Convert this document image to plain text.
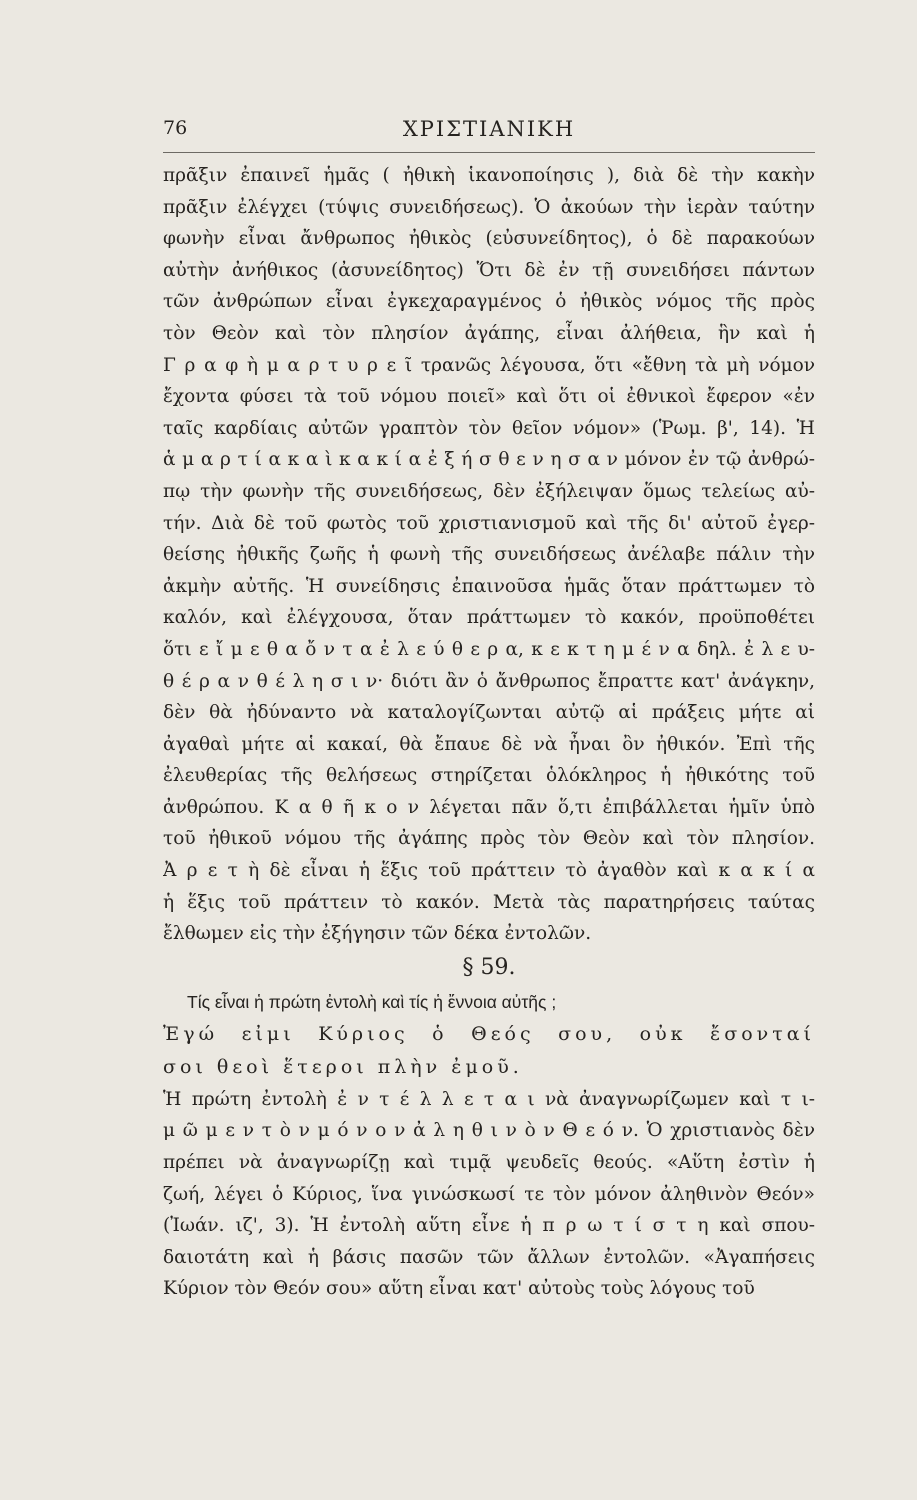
76	ΧΡΙΣΤΙΑΝΙΚΗ
πρᾶξιν ἐπαινεῖ ἡμᾶς ( ἠθικὴ ἱκανοποίησις ), διὰ δὲ τὴν κακὴν
πρᾶξιν ἐλέγχει (τύψις συνειδήσεως). Ὁ ἀκούων τὴν ἱερὰν ταύτην
φωνὴν εἶναι ἄνθρωπος ἠθικὸς (εὐσυνείδητος), ὁ δὲ παρακούων
αὐτὴν ἀνήθικος (ἀσυνείδητος) Ὅτι δὲ ἐν τῇ συνειδήσει πάντων
τῶν ἀνθρώπων εἶναι ἐγκεχαραγμένος ὁ ἠθικὸς νόμος τῆς πρὸς
τὸν Θεὸν καὶ τὸν πλησίον ἀγάπης, εἶναι ἀλήθεια, ἣν καὶ ἡ
Γ ρ α φ ὴ μ α ρ τ υ ρ ε ῖ τρανῶς λέγουσα, ὅτι «ἔθνη τὰ μὴ νόμον
ἔχοντα φύσει τὰ τοῦ νόμου ποιεῖ» καὶ ὅτι οἱ ἐθνικοὶ ἔφερον «ἐν
ταῖς καρδίαις αὐτῶν γραπτὸν τὸν θεῖον νόμον» (Ῥωμ. β', 14). Ἡ
ἁ μ α ρ τ ί α κ α ὶ κ α κ ί α ἐ ξ ή σ θ ε ν η σ α ν μόνον ἐν τῷ ἀνθρώ-
πῳ τὴν φωνὴν τῆς συνειδήσεως, δὲν ἐξήλειψαν ὅμως τελείως αὐ-
τήν. Διὰ δὲ τοῦ φωτὸς τοῦ χριστιανισμοῦ καὶ τῆς δι' αὐτοῦ ἐγερ-
θείσης ἠθικῆς ζωῆς ἡ φωνὴ τῆς συνειδήσεως ἀνέλαβε πάλιν τὴν
ἀκμὴν αὐτῆς. Ἡ συνείδησις ἐπαινοῦσα ἡμᾶς ὅταν πράττωμεν τὸ
καλόν, καὶ ἐλέγχουσα, ὅταν πράττωμεν τὸ κακόν, προϋποθέτει
ὅτι ε ἴ μ ε θ α ὄ ν τ α ἐ λ ε ύ θ ε ρ α, κ ε κ τ η μ έ ν α δηλ. ἐ λ ε υ-
θ έ ρ α ν θ έ λ η σ ι ν· διότι ἂν ὁ ἄνθρωπος ἔπραττε κατ' ἀνάγκην,
δὲν θὰ ἠδύναντο νὰ καταλογίζωνται αὐτῷ αἱ πράξεις μήτε αἱ
ἀγαθαὶ μήτε αἱ κακαί, θὰ ἔπαυε δὲ νὰ ἦναι ὂν ἠθικόν. Ἐπὶ τῆς
ἐλευθερίας τῆς θελήσεως στηρίζεται ὁλόκληρος ἡ ἠθικότης τοῦ
ἀνθρώπου. Κ α θ ῆ κ ο ν λέγεται πᾶν ὅ,τι ἐπιβάλλεται ἡμῖν ὑπὸ
τοῦ ἠθικοῦ νόμου τῆς ἀγάπης πρὸς τὸν Θεὸν καὶ τὸν πλησίον.
Ἀ ρ ε τ ὴ δὲ εἶναι ἡ ἕξις τοῦ πράττειν τὸ ἀγαθὸν καὶ κ α κ ί α
ἡ ἕξις τοῦ πράττειν τὸ κακόν. Μετὰ τὰς παρατηρήσεις ταύτας
ἔλθωμεν εἰς τὴν ἐξήγησιν τῶν δέκα ἐντολῶν.
§ 59.
Τίς εἶναι ἡ πρώτη ἐντολὴ καὶ τίς ἡ ἔννοια αὐτῆς ;
Ἐγώ εἰμι Κύριος ὁ Θεός σου, οὐκ ἔσονταί
σοι θεοὶ ἕτεροι πλὴν ἐμοῦ.
Ἡ πρώτη ἐντολὴ ἐ ν τ έ λ λ ε τ α ι νὰ ἀναγνωρίζωμεν καὶ τ ι-
μ ῶ μ ε ν τ ὸ ν μ ό ν ο ν ἀ λ η θ ι ν ὸ ν Θ ε ό ν. Ὁ χριστιανὸς δὲν
πρέπει νὰ ἀναγνωρίζῃ καὶ τιμᾷ ψευδεῖς θεούς. «Αὕτη ἐστὶν ἡ
ζωή, λέγει ὁ Κύριος, ἵνα γινώσκωσί τε τὸν μόνον ἀληθινὸν Θεόν»
(Ἰωάν. ιζ', 3). Ἡ ἐντολὴ αὕτη εἶνε ἡ π ρ ω τ ί σ τ η καὶ σπου-
δαιοτάτη καὶ ἡ βάσις πασῶν τῶν ἄλλων ἐντολῶν. «Ἀγαπήσεις
Κύριον τὸν Θεόν σου» αὕτη εἶναι κατ' αὐτοὺς τοὺς λόγους τοῦ
